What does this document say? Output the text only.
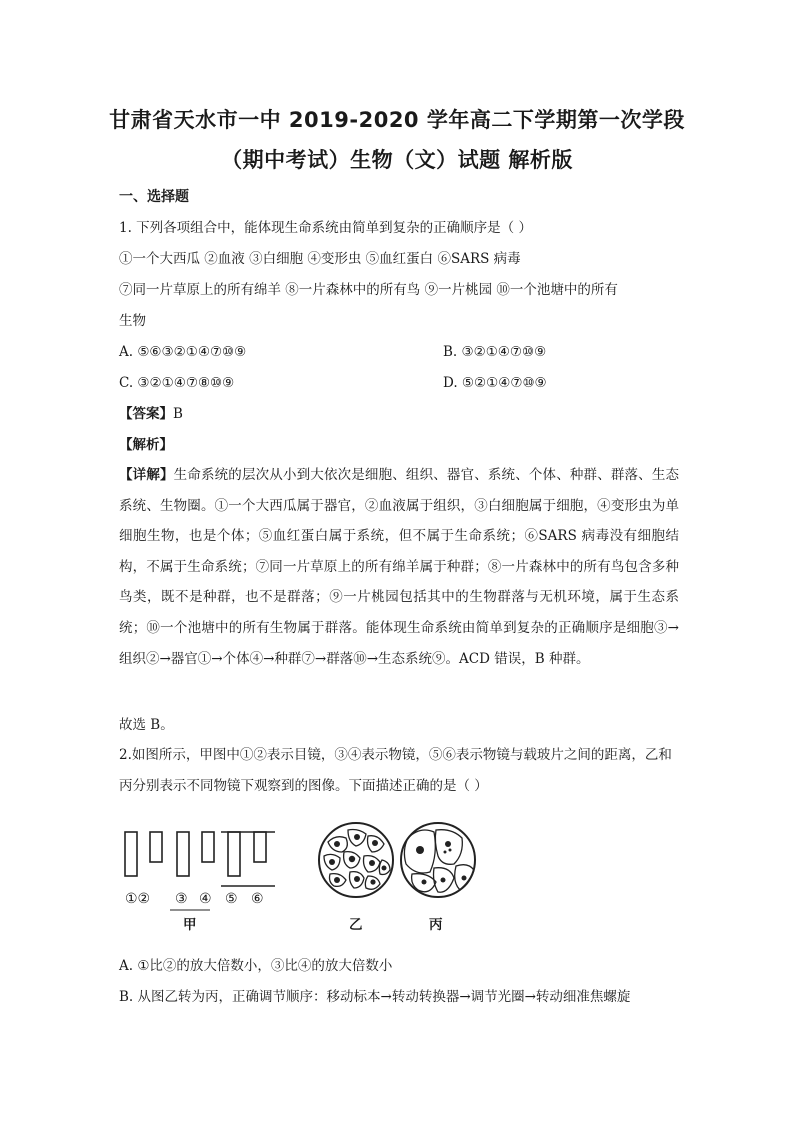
甘肃省天水市一中 2019-2020 学年高二下学期第一次学段
（期中考试）生物（文）试题 解析版
一、选择题
1. 下列各项组合中，能体现生命系统由简单到复杂的正确顺序是（ ）
①一个大西瓜 ②血液 ③白细胞 ④变形虫 ⑤血红蛋白 ⑥SARS 病毒
⑦同一片草原上的所有绵羊 ⑧一片森林中的所有鸟 ⑨一片桃园 ⑩一个池塘中的所有
生物
A. ⑤⑥③②①④⑦⑩⑨	B. ③②①④⑦⑩⑨
C. ③②①④⑦⑧⑩⑨	D. ⑤②①④⑦⑩⑨
【答案】B
【解析】
【详解】生命系统的层次从小到大依次是细胞、组织、器官、系统、个体、种群、群落、生态系统、生物圈。①一个大西瓜属于器官，②血液属于组织，③白细胞属于细胞，④变形虫为单细胞生物，也是个体；⑤血红蛋白属于系统，但不属于生命系统；⑥SARS 病毒没有细胞结构，不属于生命系统；⑦同一片草原上的所有绵羊属于种群；⑧一片森林中的所有鸟包含多种鸟类，既不是种群，也不是群落；⑨一片桃园包括其中的生物群落与无机环境，属于生态系统；⑩一个池塘中的所有生物属于群落。能体现生命系统由简单到复杂的正确顺序是细胞③→组织②→器官①→个体④→种群⑦→群落⑩→生态系统⑨。ACD 错误，B 种群。
故选 B。
2.如图所示，甲图中①②表示目镜，③④表示物镜，⑤⑥表示物镜与载玻片之间的距离，乙和丙分别表示不同物镜下观察到的图像。下面描述正确的是（ ）
①② ③ ④ ⑤ ⑥
甲	乙	丙
A. ①比②的放大倍数小，③比④的放大倍数小
B. 从图乙转为丙，正确调节顺序：移动标本→转动转换器→调节光圈→转动细准焦螺旋
